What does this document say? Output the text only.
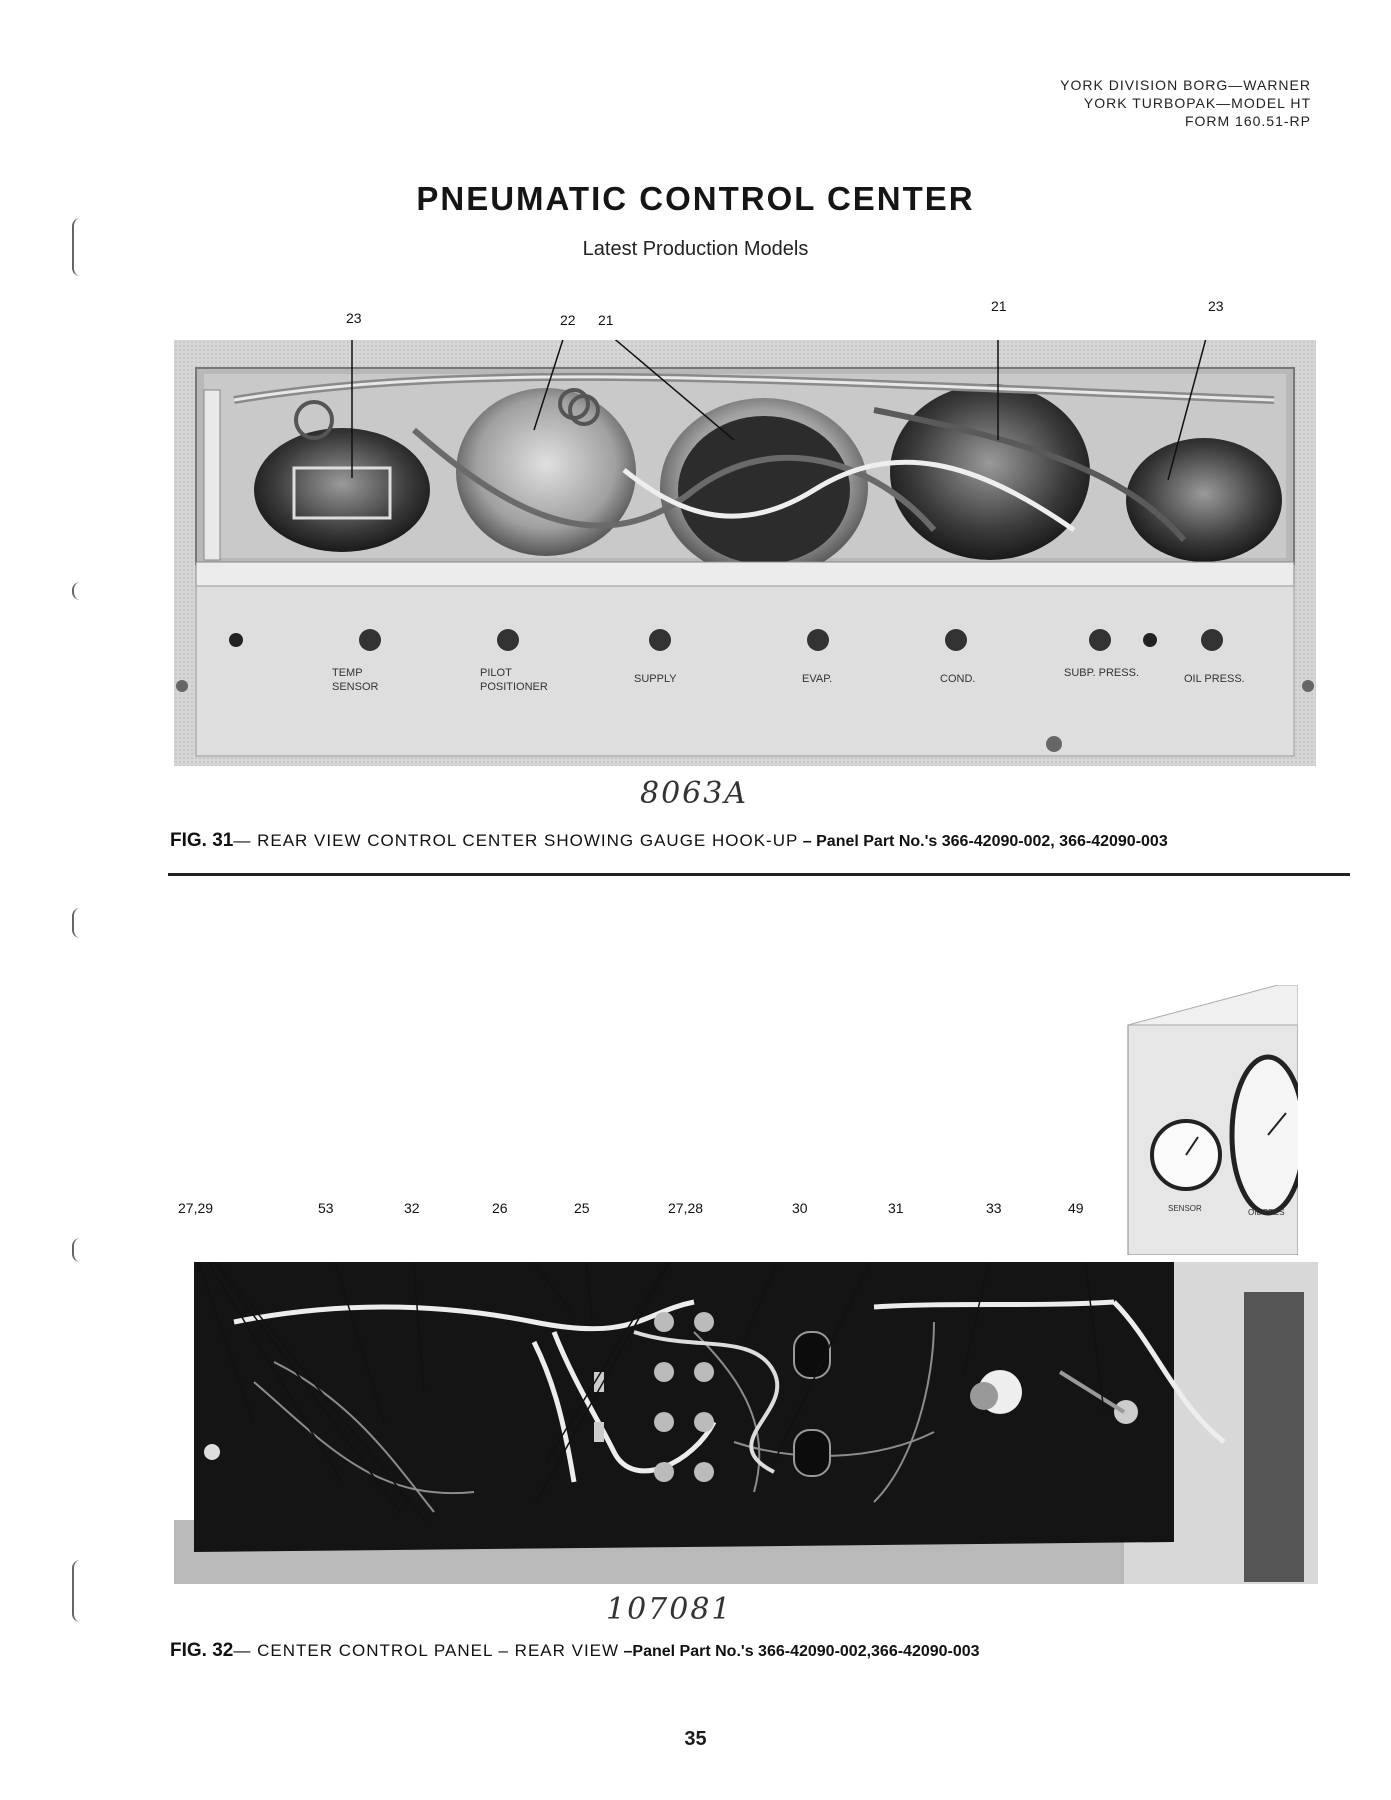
YORK DIVISION BORG—WARNER
YORK TURBOPAK—MODEL HT
FORM 160.51-RP
PNEUMATIC CONTROL CENTER
Latest Production Models
23	22 21
21	23
TEMP
SENSOR
PILOT
POSITIONER
SUPPLY	EVAP.	COND.	SUBP. PRESS.	OIL PRESS.
8063A
FIG. 31— REAR VIEW CONTROL CENTER SHOWING GAUGE HOOK-UP – Panel Part No.'s 366-42090-002, 366-42090-003
27,29	53	32	26	25	27,28	30	31	33	49	SENSOR	OIL PRES
107081
FIG. 32— CENTER CONTROL PANEL – REAR VIEW –Panel Part No.'s 366-42090-002,366-42090-003
35
